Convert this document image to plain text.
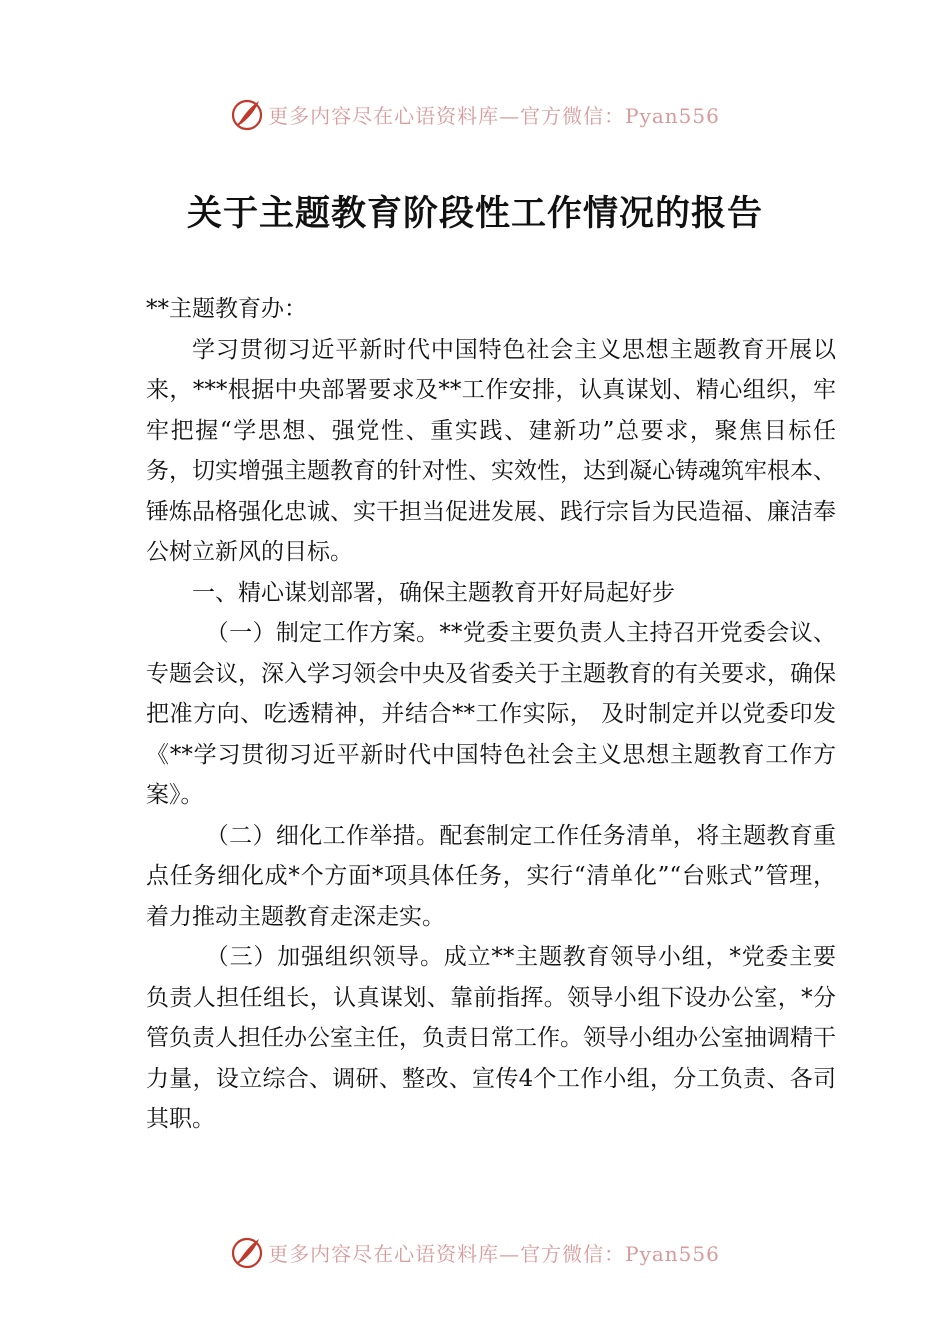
更多内容尽在心语资料库—官方微信：Pyan556
关于主题教育阶段性工作情况的报告

**主题教育办：

学习贯彻习近平新时代中国特色社会主义思想主题教育开展以来，***根据中央部署要求及**工作安排，认真谋划、精心组织，牢牢把握“学思想、强党性、重实践、建新功”总要求，聚焦目标任务，切实增强主题教育的针对性、实效性，达到凝心铸魂筑牢根本、锤炼品格强化忠诚、实干担当促进发展、践行宗旨为民造福、廉洁奉公树立新风的目标。

一、精心谋划部署，确保主题教育开好局起好步

（一）制定工作方案。**党委主要负责人主持召开党委会议、专题会议，深入学习领会中央及省委关于主题教育的有关要求，确保把准方向、吃透精神，并结合**工作实际， 及时制定并以党委印发《**学习贯彻习近平新时代中国特色社会主义思想主题教育工作方案》。

（二）细化工作举措。配套制定工作任务清单，将主题教育重点任务细化成*个方面*项具体任务，实行“清单化”“台账式”管理，着力推动主题教育走深走实。

（三）加强组织领导。成立**主题教育领导小组，*党委主要负责人担任组长，认真谋划、靠前指挥。领导小组下设办公室，*分管负责人担任办公室主任，负责日常工作。领导小组办公室抽调精干力量，设立综合、调研、整改、宣传4个工作小组，分工负责、各司其职。

更多内容尽在心语资料库—官方微信：Pyan556
